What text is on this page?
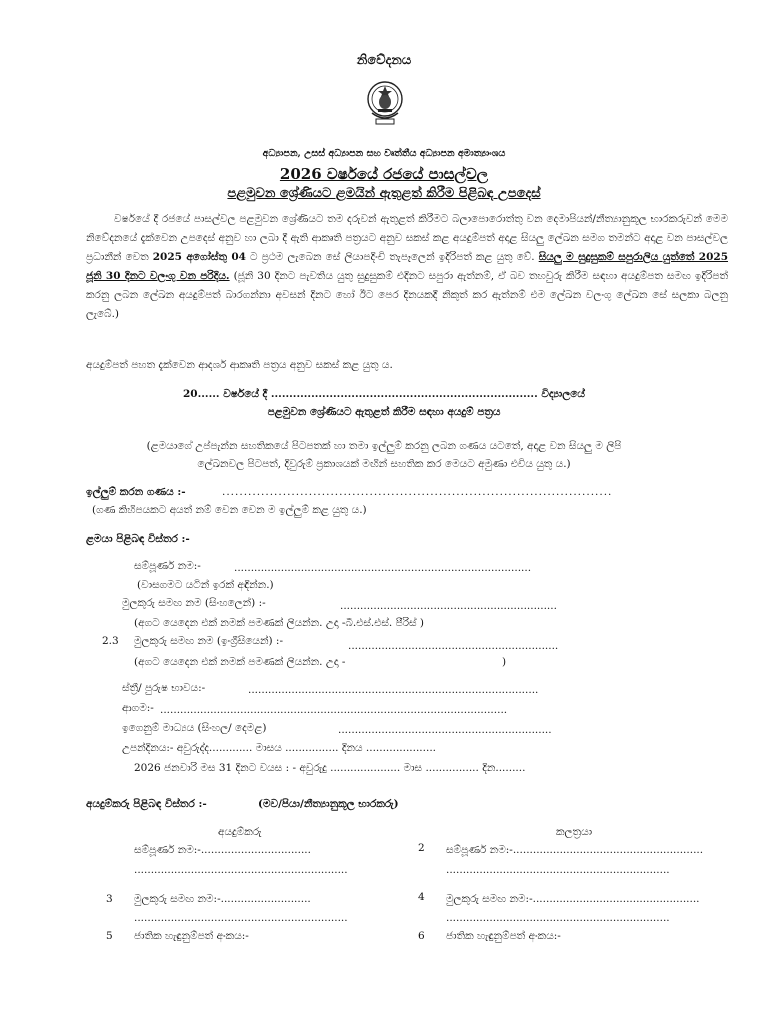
නිවේදනය
අධ්‍යාපන, උසස් අධ්‍යාපන සහ වෘත්තීය අධ්‍යාපන අමාත්‍යාංශය
2026 වර්ෂයේ රජයේ පාසල්වල
පළමුවන ශ්‍රේණියට ළමයින් ඇතුළත් කිරීම පිළිබඳ උපදෙස්
වර්ෂයේ දී රජයේ පාසල්වල පළමුවන ශ්‍රේණියට තම දරුවන් ඇතුළත් කිරීමට බලාපොරොත්තු වන දෙමාපියන්/නීත්‍යානුකූල භාරකරුවන් මෙම නිවේදනයේ දැක්වෙන උපදෙස් අනුව හා ලබා දී ඇති ආකෘති පත්‍රයට අනුව සකස් කළ අයදුම්පත් අදාළ සියලු ලේඛන සමග තමන්ට අදාළ වන පාසල්වල ප්‍රධානීන් වෙත 2025 අගෝස්තු 04 ට ප්‍රථම ලැබෙන සේ ලියාපදිංචි තැපෑලෙන් ඉදිරිපත් කළ යුතු වේ. සියලු ම සුදුසුකම් සපුරාලිය යුත්තේ 2025 ජූනි 30 දිනට වලංගු වන පරිදිය. (ජූනි 30 දිනට පැවතිය යුතු සුදුසුකම් එදිනට සපුරා ඇත්නම්, ඒ බව තහවුරු කිරීම සඳහා අයදුම්පත සමඟ ඉදිරිපත් කරනු ලබන ලේඛන අයදුම්පත් බාරගන්නා අවසන් දිනට හෝ ඊට පෙර දිනයකදී නිකුත් කර ඇත්නම් එම ලේඛන වලංගු ලේඛන සේ සලකා බලනු ලැබේ.)
අයදුම්පත් පහත දැක්වෙන ආදර්ශ ආකෘති පත්‍රය අනුව සකස් කළ යුතු ය.
20...... වර්ෂයේ දී ......................................................................... විද්‍යාලයේ
පළමුවන ශ්‍රේණියට ඇතුළත් කිරීම සඳහා අයදුම් පත්‍රය
(ළමයාගේ උප්පැන්න සහතිකයේ පිටපතක් හා තමා ඉල්ලුම් කරනු ලබන ගණය යටතේ, අදාළ වන සියලු ම ලිපි
ලේඛනවල පිටපත්, දිවුරුම් ප්‍රකාශයක් මඟින් සහතික කර මෙයට අමුණා එවිය යුතු ය.)
ඉල්ලුම් කරන ගණය :-	..........................................................................................
(ගණ කිහිපයකට අයත් නම් වෙන වෙන ම ඉල්ලුම් කළ යුතු ය.)
ළමයා පිළිබඳ විස්තර :-
සම්පූර්ණ නම:-	.........................................................................................
(වාසගමට යටින් ඉරක් අඳින්න.)
මුලකුරු සමඟ නම (සිංහලෙන්) :-	.................................................................
(අගට යෙදෙන එක් නමක් පමණක් ලියන්න. උදා -බී.එස්.එස්. පීරිස් )
2.3 මුලකුරු සමඟ නම (ඉංග්‍රීසියෙන්) :-	...............................................................
(අගට යෙදෙන එක් නමක් පමණක් ලියන්න. උදා -	)
ස්ත්‍රී/ පුරුෂ භාවය:-	.......................................................................................
ආගම:- ........................................................................................................
ඉගෙනුම් මාධ්‍යය (සිංහල/ දෙමළ)	................................................................
උපන්දිනය:- අවුරුද්ද............. මාසය ................ දිනය .....................
2026 ජනවාරි මස 31 දිනට වයස : - අවුරුදු ..................... මාස ................ දින.........
අයදුම්කරු පිළිබඳ විස්තර :-	(මව/පියා/නීත්‍යානුකූල භාරකරු)
අයදුම්කරු	කලත්‍රයා
සම්පූර්ණ නම:-.................................	2 සම්පූර්ණ නම:-.........................................................
................................................................	...................................................................
3 මුලකුරු සමඟ නම:-...........................	4 මුලකුරු සමඟ නම:-..................................................
................................................................	...................................................................
5 ජාතික හැඳුනුම්පත් අංකය:-	6 ජාතික හැඳුනුම්පත් අංකය:-
